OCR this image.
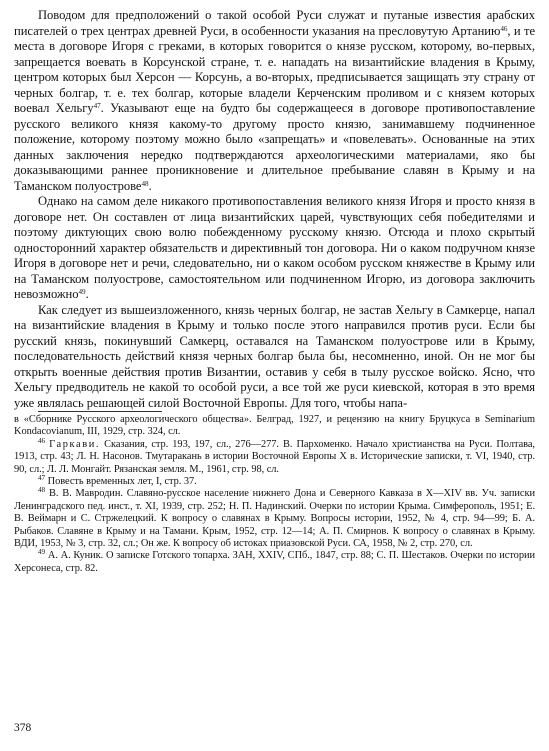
Поводом для предположений о такой особой Руси служат и путаные известия арабских писателей о трех центрах древней Руси, в особенности указания на пресловутую Артанию$^{46}$, и те места в договоре Игоря с греками, в которых говорится о князе русском, которому, во-первых, запрещается воевать в Корсунской стране, т. е. нападать на византийские владения в Крыму, центром которых был Херсон — Корсунь, а во-вторых, предписывается защищать эту страну от черных болгар, т. е. тех болгар, которые владели Керченским проливом и с князем которых воевал Хельгу$^{47}$. Указывают еще на будто бы содержащееся в договоре противопоставление русского великого князя какому-то другому просто князю, занимавшему подчиненное положение, которому поэтому можно было «запрещать» и «повелевать». Основанные на этих данных заключения нередко подтверждаются археологическими материалами, яко бы доказывающими раннее проникновение и длительное пребывание славян в Крыму и на Таманском полуострове$^{48}$.

Однако на самом деле никакого противопоставления великого князя Игоря и просто князя в договоре нет. Он составлен от лица византийских царей, чувствующих себя победителями и поэтому диктующих свою волю побежденному русскому князю. Отсюда и плохо скрытый односторонний характер обязательств и директивный тон договора. Ни о каком подручном князе Игоря в договоре нет и речи, следовательно, ни о каком особом русском княжестве в Крыму или на Таманском полуострове, самостоятельном или подчиненном Игорю, из договора заключить невозможно$^{49}$.

Как следует из вышеизложенного, князь черных болгар, не застав Хельгу в Самкерце, напал на византийские владения в Крыму и только после этого направился против руси. Если бы русский князь, покинувший Самкерц, оставался на Таманском полуострове или в Крыму, последовательность действий князя черных болгар была бы, несомненно, иной. Он не мог бы открыть военные действия против Византии, оставив у себя в тылу русское войско. Ясно, что Хельгу предводитель не какой то особой руси, а все той же руси киевской, которая в это время уже являлась решающей силой Восточной Европы. Для того, чтобы напа-

в «Сборнике Русского археологического общества». Белград, 1927, и рецензию на книгу Бруцкуса в Seminarium Kondacovianum, III, 1929, стр. 324, сл.

$^{46}$ Гаркави. Сказания, стр. 193, 197, сл., 276—277. В. Пархоменко. Начало христианства на Руси. Полтава, 1913, стр. 43; Л. Н. Насонов. Тмутаракань в истории Восточной Европы X в. Исторические записки, т. VI, 1940, стр. 90, сл.; Л. Л. Монгайт. Рязанская земля. М., 1961, стр. 98, сл.

$^{47}$ Повесть временных лет, I, стр. 37.

$^{48}$ В. В. Мавродин. Славяно-русское население нижнего Дона и Северного Кавказа в X—XIV вв. Уч. записки Ленинградского пед. инст., т. XI, 1939, стр. 252; Н. П. Надинский. Очерки по истории Крыма. Симферополь, 1951; Е. В. Веймарн и С. Стржелецкий. К вопросу о славянах в Крыму. Вопросы истории, 1952, № 4, стр. 94—99; Б. А. Рыбаков. Славяне в Крыму и на Тамани. Крым, 1952, стр. 12—14; А. П. Смирнов. К вопросу о славянах в Крыму. ВДИ, 1953, № 3, стр. 32, сл.; Он же. К вопросу об истоках приазовской Руси. СА, 1958, № 2, стр. 270, сл.

$^{49}$ А. А. Куник. О записке Готского топарха. ЗАН, XXIV, СПб., 1847, стр. 88; С. П. Шестаков. Очерки по истории Херсонеса, стр. 82.

378
